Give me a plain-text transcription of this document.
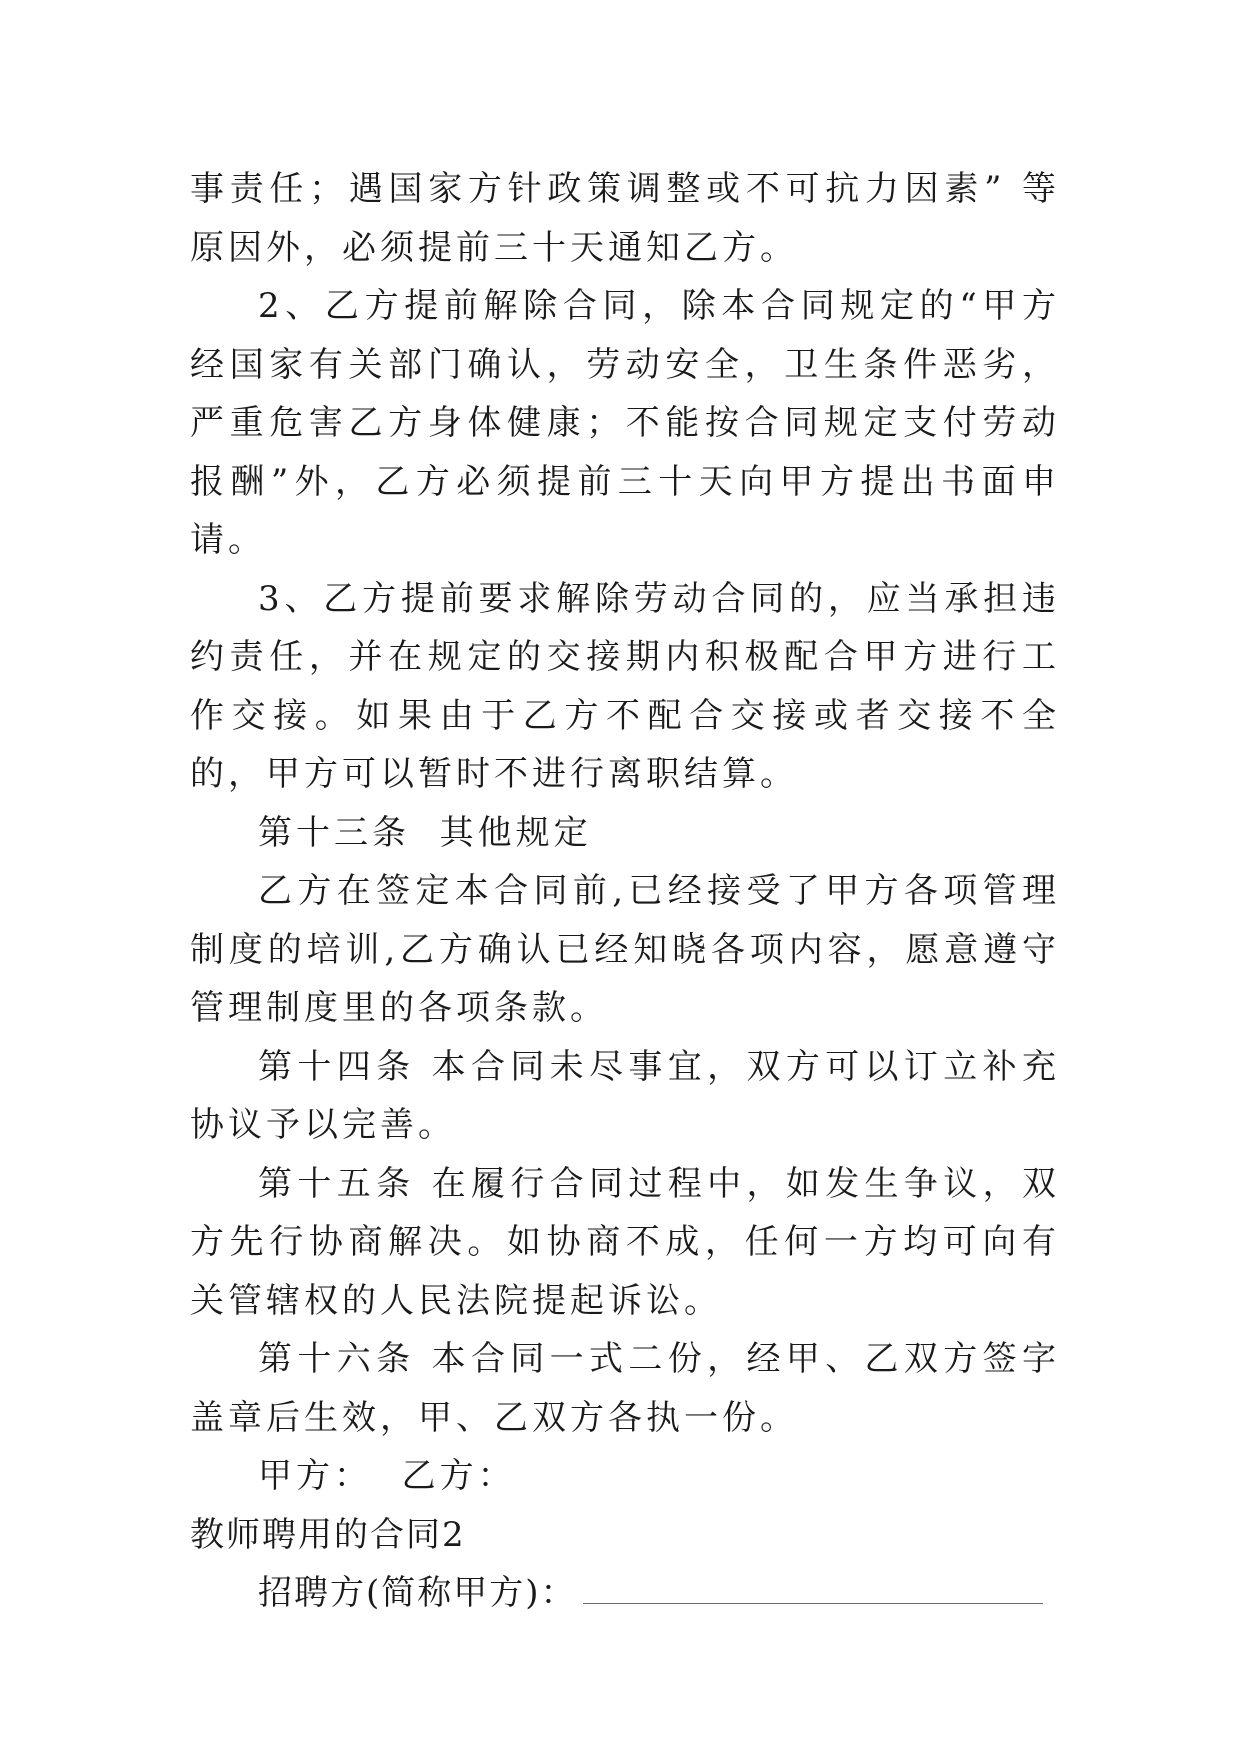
事责任；遇国家方针政策调整或不可抗力因素” 等原因外，必须提前三十天通知乙方。

2、乙方提前解除合同，除本合同规定的“甲方经国家有关部门确认，劳动安全，卫生条件恶劣，严重危害乙方身体健康；不能按合同规定支付劳动报酬”外，乙方必须提前三十天向甲方提出书面申请。

3、乙方提前要求解除劳动合同的，应当承担违约责任，并在规定的交接期内积极配合甲方进行工作交接。如果由于乙方不配合交接或者交接不全的，甲方可以暂时不进行离职结算。

第十三条  其他规定

乙方在签定本合同前,已经接受了甲方各项管理制度的培训,乙方确认已经知晓各项内容，愿意遵守管理制度里的各项条款。

第十四条 本合同未尽事宜，双方可以订立补充协议予以完善。

第十五条 在履行合同过程中，如发生争议，双方先行协商解决。如协商不成，任何一方均可向有 关管辖权的人民法院提起诉讼。

第十六条 本合同一式二份，经甲、乙双方签字盖章后生效，甲、乙双方各执一份。

甲方： 乙方：

教师聘用的合同2

招聘方(简称甲方)：
